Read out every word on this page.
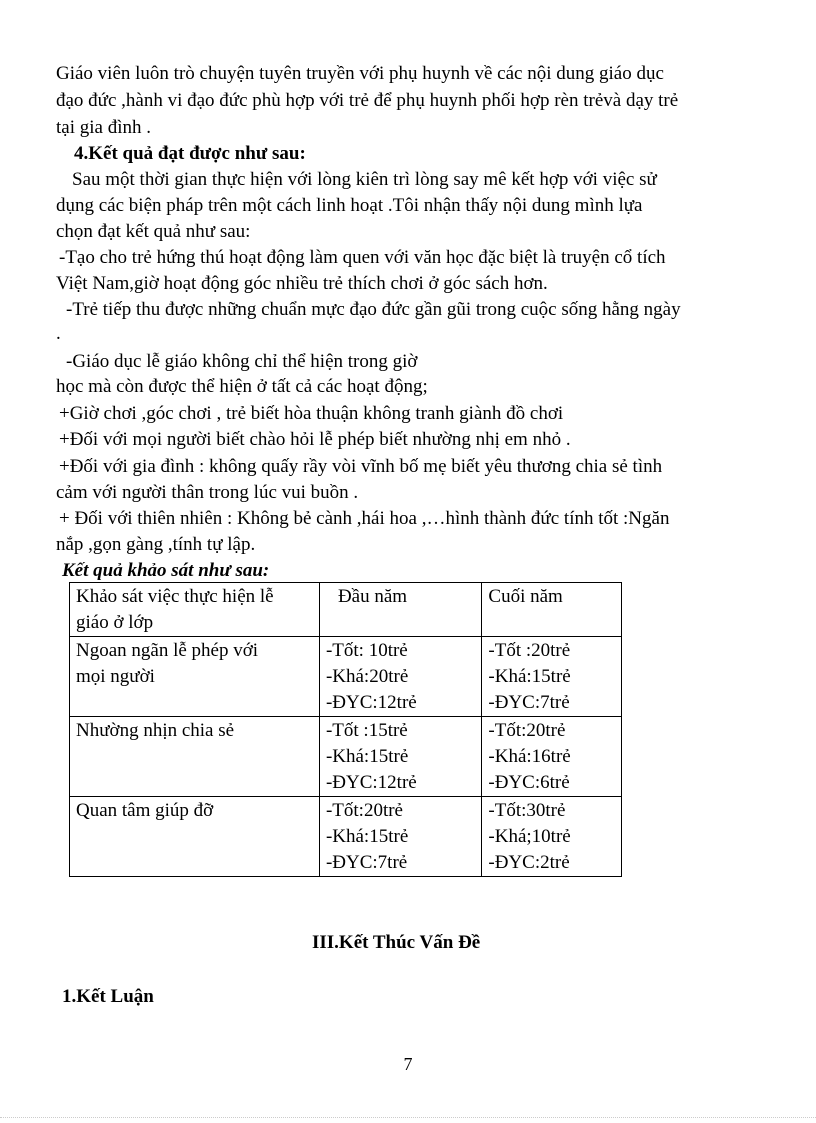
Giáo viên luôn trò chuyện tuyên truyền với phụ huynh về các nội dung giáo dục
đạo đức ,hành vi đạo đức phù hợp với trẻ để phụ huynh phối hợp rèn trẻvà dạy trẻ
tại gia đình .
4.Kết quả đạt được như sau:
Sau một thời gian thực hiện với lòng kiên trì lòng say mê kết hợp với việc sử
dụng các biện pháp trên một cách linh hoạt .Tôi nhận thấy nội dung mình lựa
chọn đạt kết quả như sau:
-Tạo cho trẻ hứng thú hoạt động làm quen với văn học đặc biệt là truyện cổ tích
Việt Nam,giờ hoạt động góc nhiều trẻ thích chơi ở góc sách hơn.
-Trẻ tiếp thu được những chuẩn mực đạo đức gần gũi trong cuộc sống hằng ngày
.
-Giáo dục lễ giáo không chỉ thể hiện trong giờ
học mà còn được thể hiện ở tất cả các hoạt động;
+Giờ chơi ,góc chơi , trẻ biết hòa thuận không tranh giành đồ chơi
+Đối với mọi người biết chào hỏi lễ phép biết nhường nhị em nhỏ .
+Đối với gia đình : không quấy rầy vòi vĩnh bố mẹ biết yêu thương chia sẻ tình
cảm với người thân trong lúc vui buồn .
+ Đối với thiên nhiên : Không bẻ cành ,hái hoa ,…hình thành đức tính tốt :Ngăn
nắp ,gọn gàng ,tính tự lập.
Kết quả khảo sát như sau:
Khảo sát việc thực hiện lễ
giáo ở lớp	Đầu năm	Cuối năm

Ngoan ngãn lễ phép với
mọi người	-Tốt: 10trẻ
-Khá:20trẻ
-ĐYC:12trẻ	-Tốt :20trẻ
-Khá:15trẻ
-ĐYC:7trẻ

Nhường nhịn chia sẻ	-Tốt :15trẻ
-Khá:15trẻ
-ĐYC:12trẻ	-Tốt:20trẻ
-Khá:16trẻ
-ĐYC:6trẻ

Quan tâm giúp đỡ	-Tốt:20trẻ
-Khá:15trẻ
-ĐYC:7trẻ	-Tốt:30trẻ
-Khá;10trẻ
-ĐYC:2trẻ
III.Kết Thúc Vấn Đề
1.Kết Luận
7
